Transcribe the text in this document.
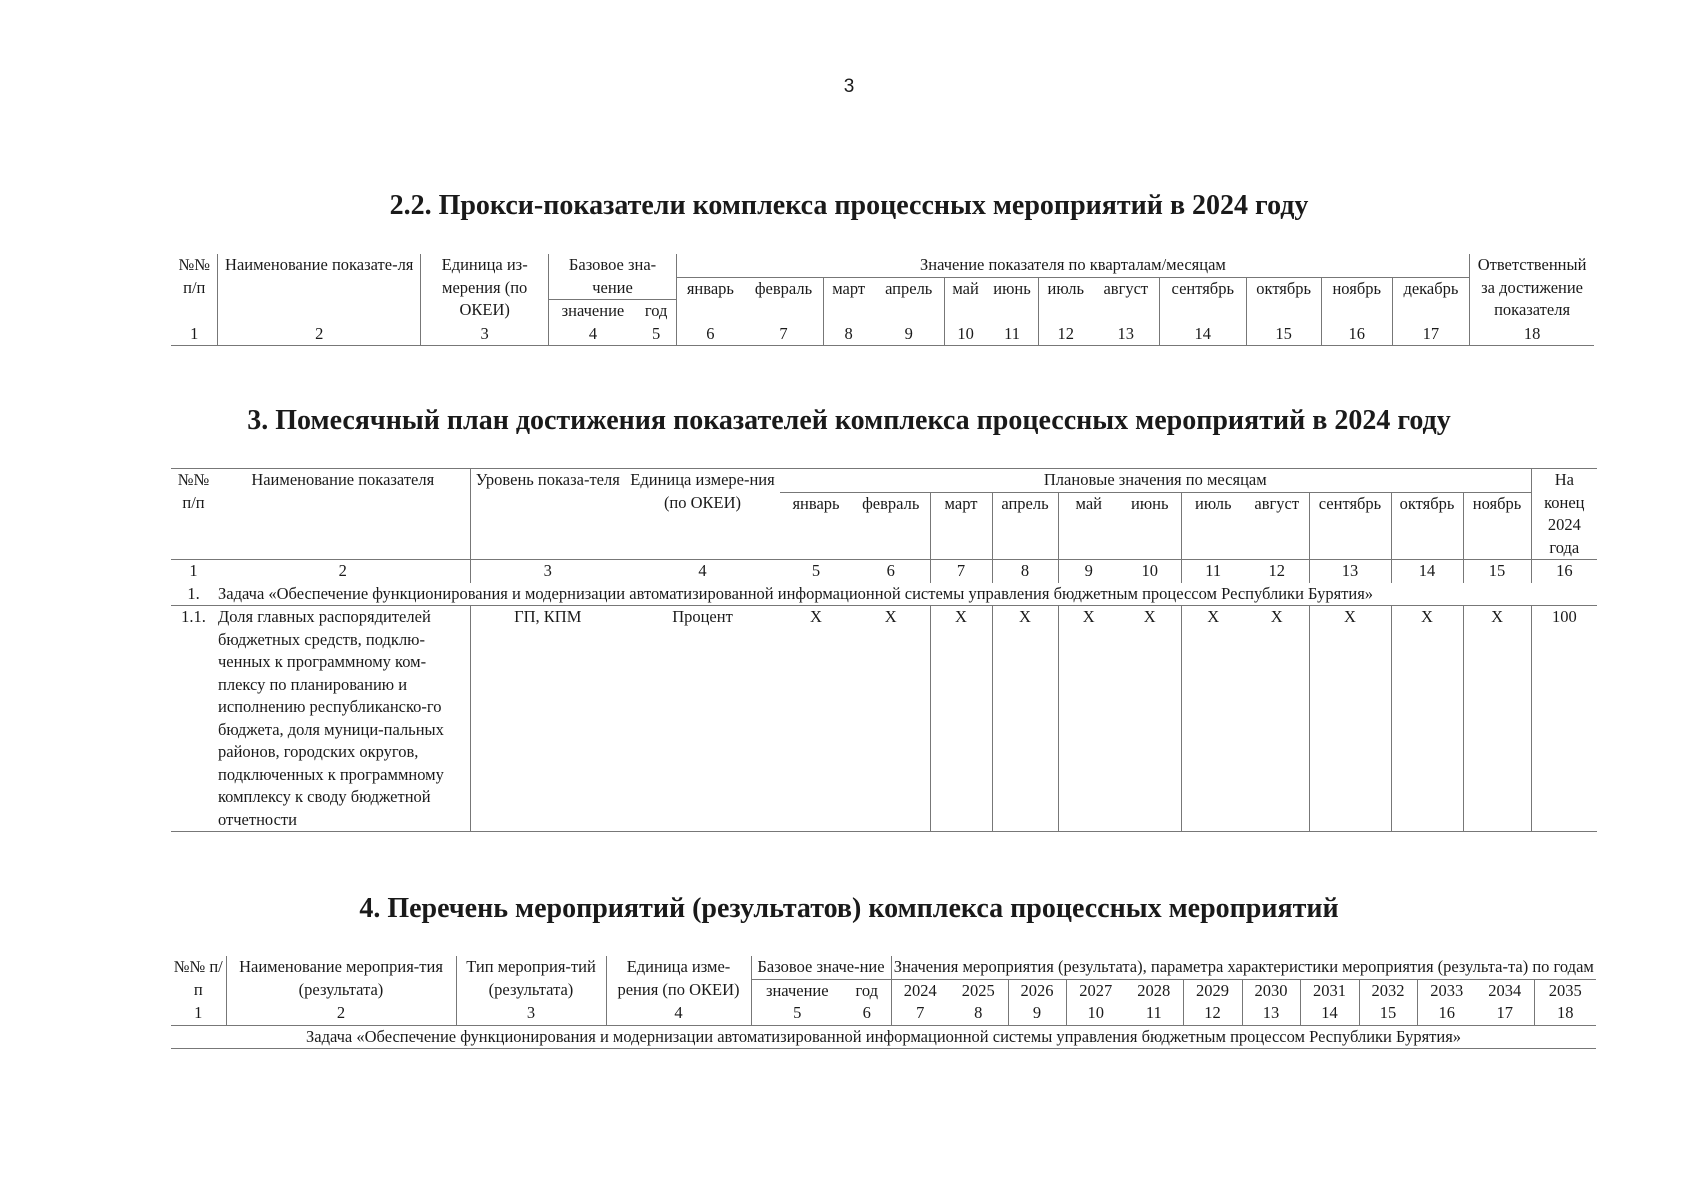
3
2.2. Прокси-показатели комплекса процессных мероприятий в 2024 году
№№ п/п	Наименование показате-ля	Единица из-мерения (по ОКЕИ)	Базовое зна-чение		Значение показателя по кварталам/месяцам												Ответственный за достижение показателя
					январь	февраль	март	апрель	май	июнь	июль	август	сентябрь	октябрь	ноябрь	декабрь	
			значение	год													
1	2	3	4	5	6	7	8	9	10	11	12	13	14	15	16	17	18
3. Помесячный план достижения показателей комплекса процессных мероприятий в 2024 году
№№ п/п	Наименование показателя	Уровень показа-теля	Единица измере-ния (по ОКЕИ)	Плановые значения по месяцам											На конец 2024 года
				январь	февраль	март	апрель	май	июнь	июль	август	сентябрь	октябрь	ноябрь	

1	2	3	4	5	6	7	8	9	10	11	12	13	14	15	16
1.	Задача «Обеспечение функционирования и модернизации автоматизированной информационной системы управления бюджетным процессом Республики Бурятия»														
1.1.	Доля главных распорядителей бюджетных средств, подклю-ченных к программному ком-плексу по планированию и исполнению республиканско-го бюджета, доля муници-пальных районов, городских округов, подключенных к программному комплексу к своду бюджетной отчетности	ГП, КПМ	Процент	X	X	X	X	X	X	X	X	X	X	X	100
4. Перечень мероприятий (результатов) комплекса процессных мероприятий
№№ п/п	Наименование мероприя-тия (результата)	Тип мероприя-тий (результата)	Единица изме-рения (по ОКЕИ)	Базовое значе-ние		Значения мероприятия (результата), параметра характеристики мероприятия (результа-та) по годам											

				значение	год	2024	2025	2026	2027	2028	2029	2030	2031	2032	2033	2034	2035
1	2	3	4	5	6	7	8	9	10	11	12	13	14	15	16	17	18
Задача «Обеспечение функционирования и модернизации автоматизированной информационной системы управления бюджетным процессом Республики Бурятия»																	
